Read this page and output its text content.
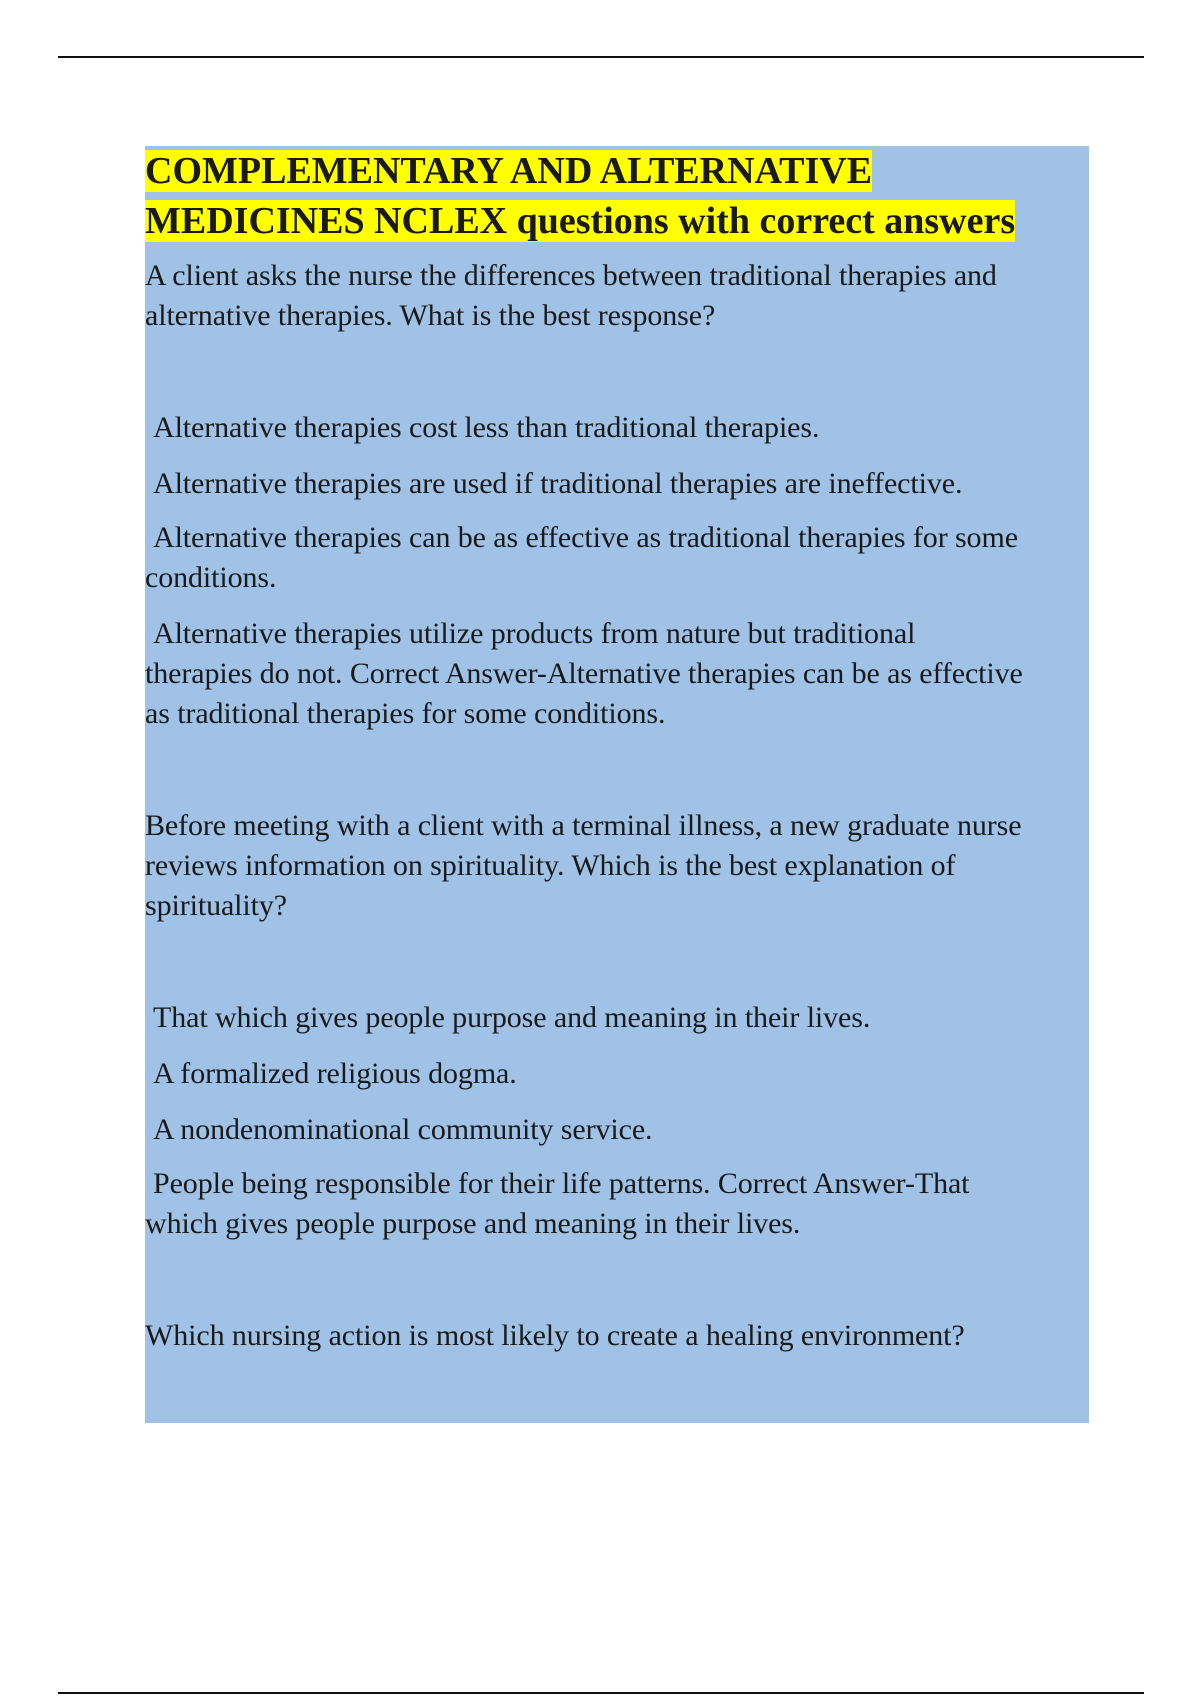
COMPLEMENTARY AND ALTERNATIVE
MEDICINES NCLEX questions with correct answers

A client asks the nurse the differences between traditional therapies and alternative therapies. What is the best response?

Alternative therapies cost less than traditional therapies.

Alternative therapies are used if traditional therapies are ineffective.

Alternative therapies can be as effective as traditional therapies for some conditions.

Alternative therapies utilize products from nature but traditional therapies do not. Correct Answer-Alternative therapies can be as effective as traditional therapies for some conditions.

Before meeting with a client with a terminal illness, a new graduate nurse reviews information on spirituality. Which is the best explanation of spirituality?

That which gives people purpose and meaning in their lives.

A formalized religious dogma.

A nondenominational community service.

People being responsible for their life patterns. Correct Answer-That which gives people purpose and meaning in their lives.

Which nursing action is most likely to create a healing environment?
